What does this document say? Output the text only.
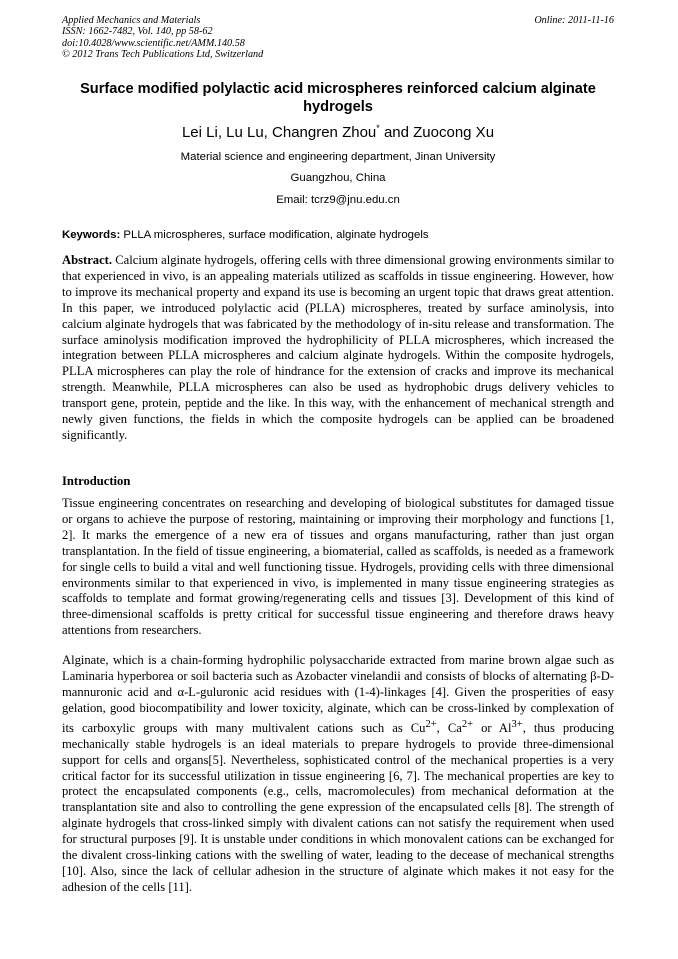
Applied Mechanics and Materials
ISSN: 1662-7482, Vol. 140, pp 58-62
doi:10.4028/www.scientific.net/AMM.140.58
© 2012 Trans Tech Publications Ltd, Switzerland
Online: 2011-11-16
Surface modified polylactic acid microspheres reinforced calcium alginate hydrogels
Lei Li, Lu Lu, Changren Zhou* and Zuocong Xu
Material science and engineering department, Jinan University
Guangzhou, China
Email: tcrz9@jnu.edu.cn
Keywords: PLLA microspheres, surface modification, alginate hydrogels
Abstract. Calcium alginate hydrogels, offering cells with three dimensional growing environments similar to that experienced in vivo, is an appealing materials utilized as scaffolds in tissue engineering. However, how to improve its mechanical property and expand its use is becoming an urgent topic that draws great attention. In this paper, we introduced polylactic acid (PLLA) microspheres, treated by surface aminolysis, into calcium alginate hydrogels that was fabricated by the methodology of in-situ release and transformation. The surface aminolysis modification improved the hydrophilicity of PLLA microspheres, which increased the integration between PLLA microspheres and calcium alginate hydrogels. Within the composite hydrogels, PLLA microspheres can play the role of hindrance for the extension of cracks and improve its mechanical strength. Meanwhile, PLLA microspheres can also be used as hydrophobic drugs delivery vehicles to transport gene, protein, peptide and the like. In this way, with the enhancement of mechanical strength and newly given functions, the fields in which the composite hydrogels can be applied can be broadened significantly.
Introduction
Tissue engineering concentrates on researching and developing of biological substitutes for damaged tissue or organs to achieve the purpose of restoring, maintaining or improving their morphology and functions [1, 2]. It marks the emergence of a new era of tissues and organs manufacturing, rather than just organ transplantation. In the field of tissue engineering, a biomaterial, called as scaffolds, is needed as a framework for single cells to build a vital and well functioning tissue. Hydrogels, providing cells with three dimensional environments similar to that experienced in vivo, is implemented in many tissue engineering strategies as scaffolds to template and format growing/regenerating cells and tissues [3]. Development of this kind of three-dimensional scaffolds is pretty critical for successful tissue engineering and therefore draws heavy attentions from researchers.
Alginate, which is a chain-forming hydrophilic polysaccharide extracted from marine brown algae such as Laminaria hyperborea or soil bacteria such as Azobacter vinelandii and consists of blocks of alternating β-D-mannuronic acid and α-L-guluronic acid residues with (1-4)-linkages [4]. Given the prosperities of easy gelation, good biocompatibility and lower toxicity, alginate, which can be cross-linked by complexation of its carboxylic groups with many multivalent cations such as $Cu^{2+}$, $Ca^{2+}$ or $Al^{3+}$, thus producing mechanically stable hydrogels is an ideal materials to prepare hydrogels to provide three-dimensional support for cells and organs[5]. Nevertheless, sophisticated control of the mechanical properties is a very critical factor for its successful utilization in tissue engineering [6, 7]. The mechanical properties are key to protect the encapsulated components (e.g., cells, macromolecules) from mechanical deformation at the transplantation site and also to controlling the gene expression of the encapsulated cells [8]. The strength of alginate hydrogels that cross-linked simply with divalent cations can not satisfy the requirement when used for structural purposes [9]. It is unstable under conditions in which monovalent cations can be exchanged for the divalent cross-linking cations with the swelling of water, leading to the decease of mechanical strengths [10]. Also, since the lack of cellular adhesion in the structure of alginate which makes it not easy for the adhesion of the cells [11].
